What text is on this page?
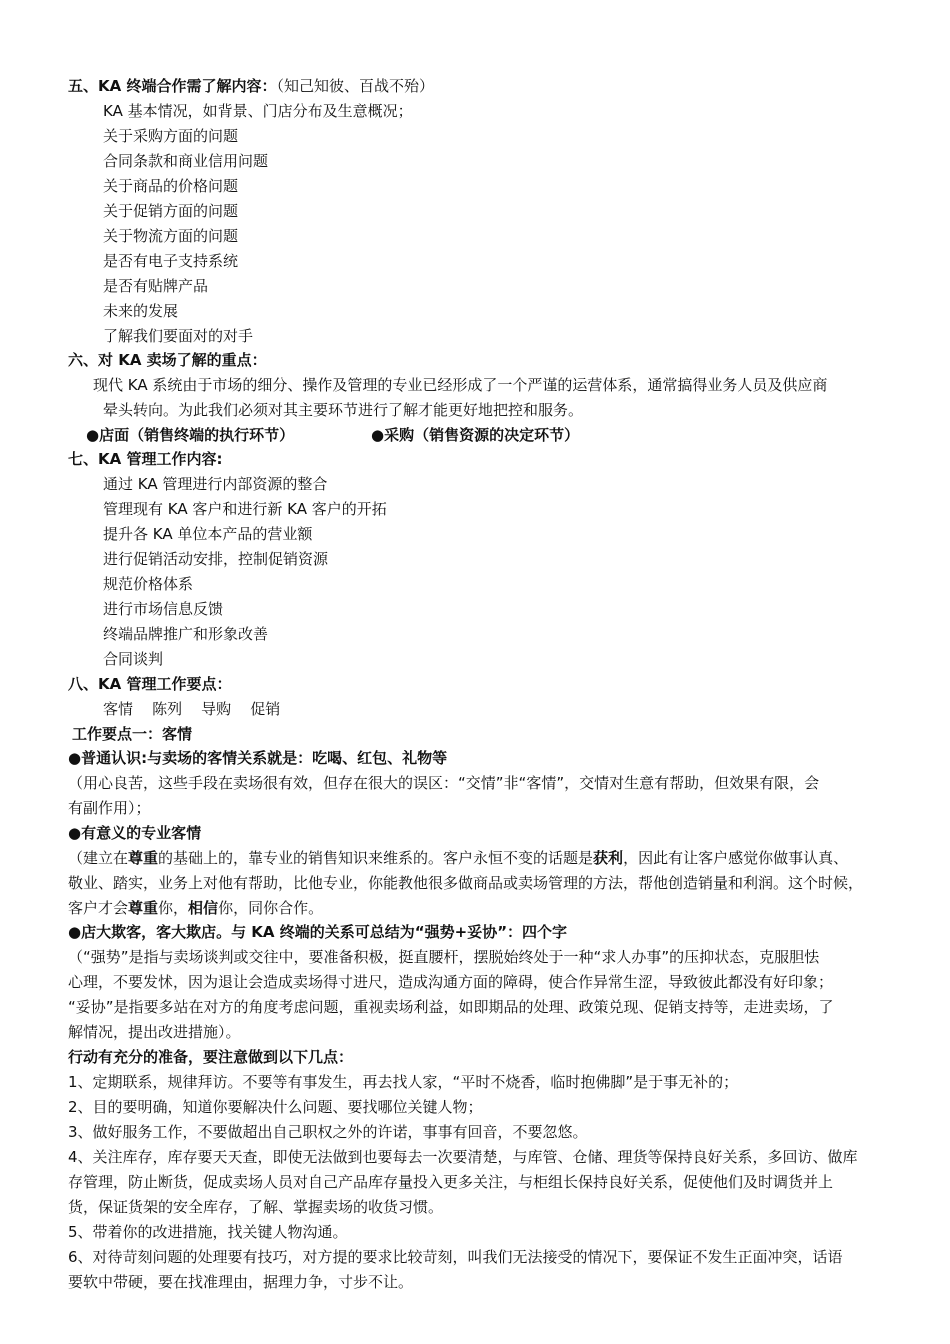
五、KA 终端合作需了解内容：（知己知彼、百战不殆）
KA 基本情况，如背景、门店分布及生意概况；
关于采购方面的问题
合同条款和商业信用问题
关于商品的价格问题
关于促销方面的问题
关于物流方面的问题
是否有电子支持系统
是否有贴牌产品
未来的发展
了解我们要面对的对手
六、对 KA 卖场了解的重点：
现代 KA 系统由于市场的细分、操作及管理的专业已经形成了一个严谨的运营体系，通常搞得业务人员及供应商
晕头转向。为此我们必须对其主要环节进行了解才能更好地把控和服务。
●店面（销售终端的执行环节）	●采购（销售资源的决定环节）
七、KA 管理工作内容:
通过 KA 管理进行内部资源的整合
管理现有 KA 客户和进行新 KA 客户的开拓
提升各 KA 单位本产品的营业额
进行促销活动安排，控制促销资源
规范价格体系
进行市场信息反馈
终端品牌推广和形象改善
合同谈判
八、KA 管理工作要点：
客情    陈列    导购    促销
工作要点一：客情
●普通认识:与卖场的客情关系就是：吃喝、红包、礼物等
（用心良苦，这些手段在卖场很有效，但存在很大的误区：“交情”非“客情”，交情对生意有帮助，但效果有限，会
有副作用）；
●有意义的专业客情
（建立在尊重的基础上的，靠专业的销售知识来维系的。客户永恒不变的话题是获利，因此有让客户感觉你做事认真、
敬业、踏实，业务上对他有帮助，比他专业，你能教他很多做商品或卖场管理的方法，帮他创造销量和利润。这个时候，
客户才会尊重你，相信你，同你合作。
●店大欺客，客大欺店。与 KA 终端的关系可总结为“强势+妥协”：四个字
（“强势”是指与卖场谈判或交往中，要准备积极，挺直腰杆，摆脱始终处于一种“求人办事”的压抑状态，克服胆怯
心理，不要发怵，因为退让会造成卖场得寸进尺，造成沟通方面的障碍，使合作异常生涩，导致彼此都没有好印象；
“妥协”是指要多站在对方的角度考虑问题，重视卖场利益，如即期品的处理、政策兑现、促销支持等，走进卖场，了
解情况，提出改进措施）。
行动有充分的准备，要注意做到以下几点：
1、定期联系，规律拜访。不要等有事发生，再去找人家，“平时不烧香，临时抱佛脚”是于事无补的；
2、目的要明确，知道你要解决什么问题、要找哪位关键人物；
3、做好服务工作，不要做超出自己职权之外的许诺，事事有回音，不要忽悠。
4、关注库存，库存要天天查，即使无法做到也要每去一次要清楚，与库管、仓储、理货等保持良好关系，多回访、做库
存管理，防止断货，促成卖场人员对自己产品库存量投入更多关注，与柜组长保持良好关系，促使他们及时调货并上
货，保证货架的安全库存，了解、掌握卖场的收货习惯。
5、带着你的改进措施，找关键人物沟通。
6、对待苛刻问题的处理要有技巧，对方提的要求比较苛刻，叫我们无法接受的情况下，要保证不发生正面冲突，话语
要软中带硬，要在找准理由，据理力争，寸步不让。
